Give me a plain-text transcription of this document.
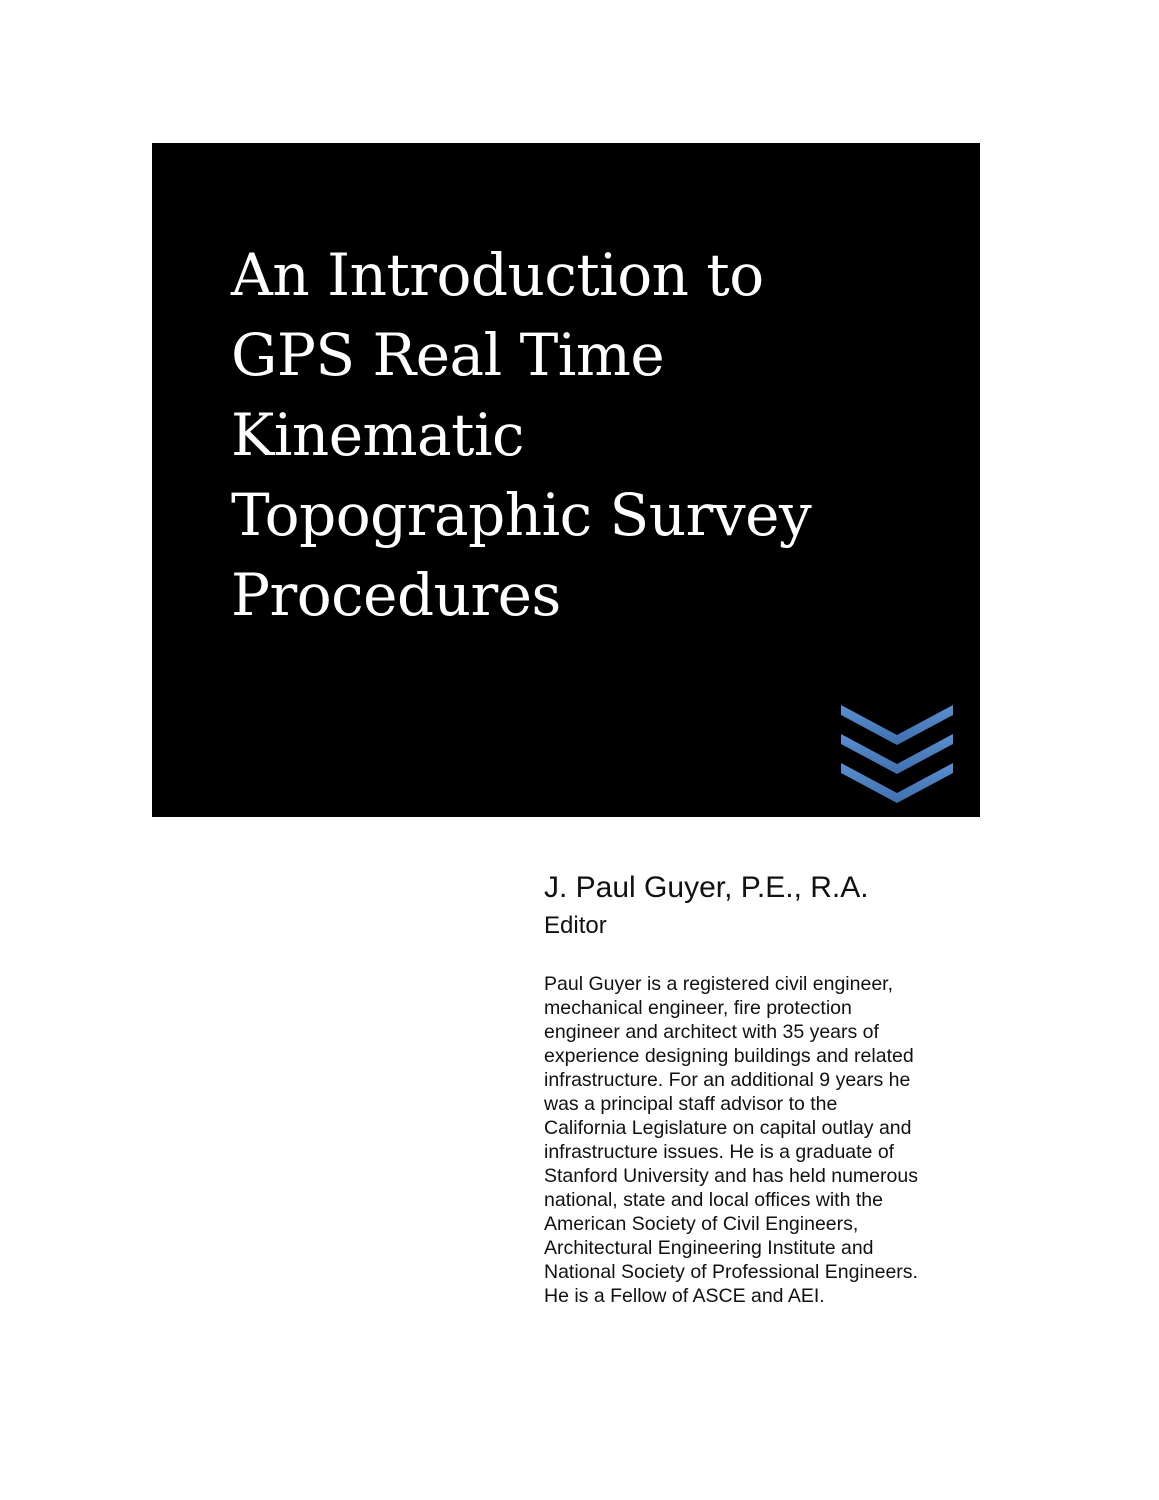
An Introduction to
GPS Real Time
Kinematic
Topographic Survey
Procedures
J. Paul Guyer, P.E., R.A.
Editor
Paul Guyer is a registered civil engineer,
mechanical engineer, fire protection
engineer and architect with 35 years of
experience designing buildings and related
infrastructure. For an additional 9 years he
was a principal staff advisor to the
California Legislature on capital outlay and
infrastructure issues. He is a graduate of
Stanford University and has held numerous
national, state and local offices with the
American Society of Civil Engineers,
Architectural Engineering Institute and
National Society of Professional Engineers.
He is a Fellow of ASCE and AEI.
